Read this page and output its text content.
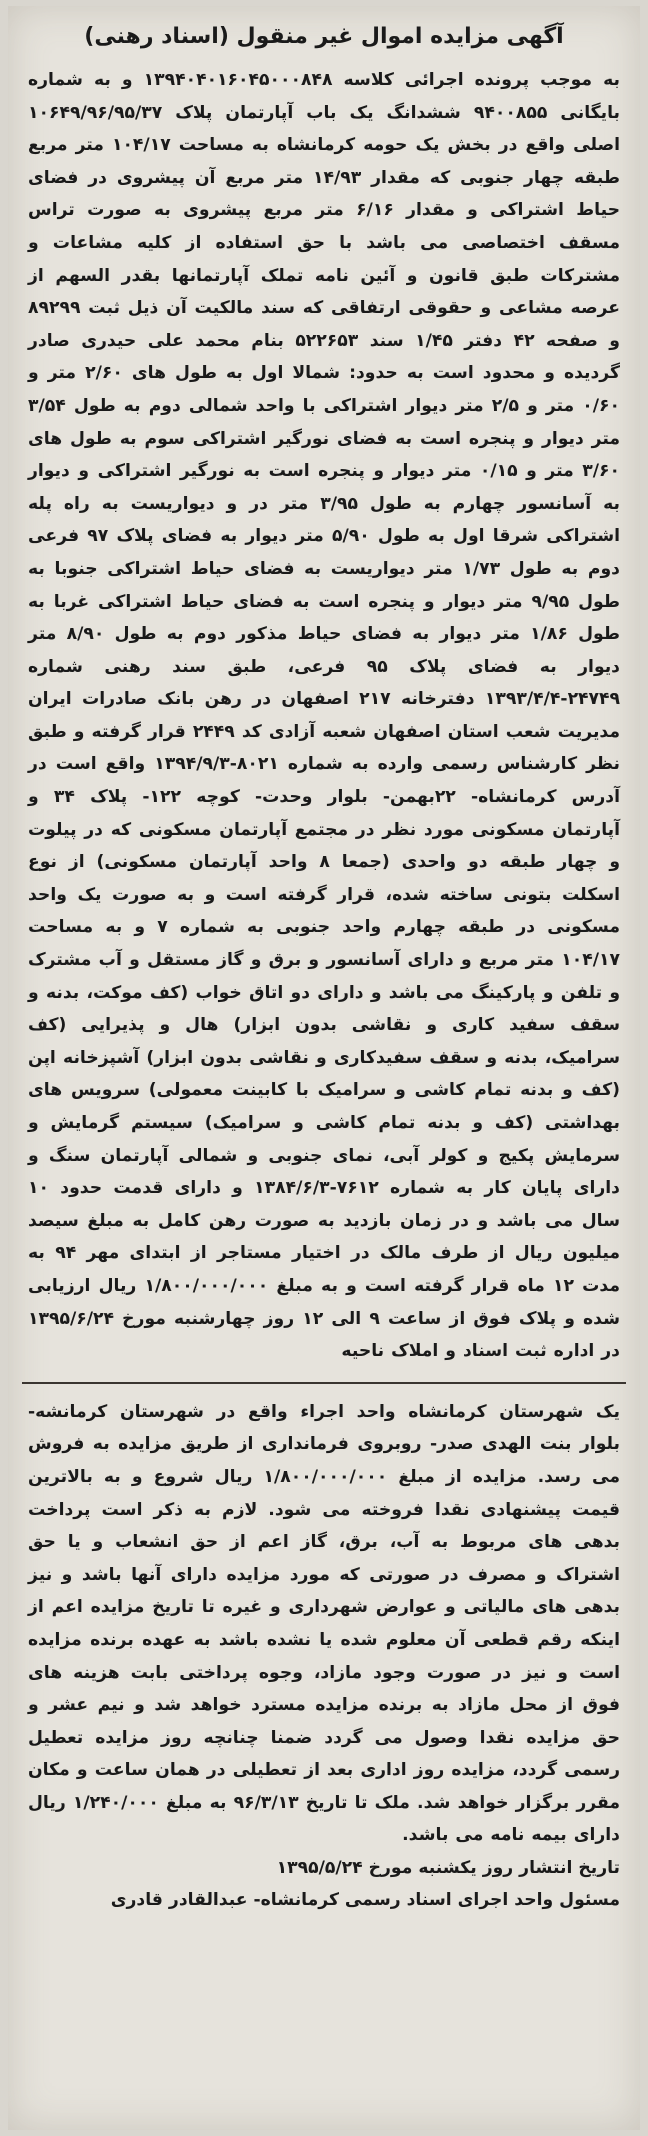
آگهی مزایده اموال غیر منقول (اسناد رهنی)
به موجب پرونده اجرائی کلاسه ۱۳۹۴۰۴۰۱۶۰۴۵۰۰۰۸۴۸ و به شماره بایگانی ۹۴۰۰۸۵۵ ششدانگ یک باب آپارتمان پلاک ۱۰۶۴۹/۹۶/۹۵/۳۷ اصلی واقع در بخش یک حومه کرمانشاه به مساحت ۱۰۴/۱۷ متر مربع طبقه چهار جنوبی که مقدار ۱۴/۹۳ متر مربع آن پیشروی در فضای حیاط اشتراکی و مقدار ۶/۱۶ متر مربع پیشروی به صورت تراس مسقف اختصاصی می باشد با حق استفاده از کلیه مشاعات و مشترکات طبق قانون و آئین نامه تملک آپارتمانها بقدر السهم از عرصه مشاعی و حقوقی ارتفاقی که سند مالکیت آن ذیل ثبت ۸۹۲۹۹ و صفحه ۴۲ دفتر ۱/۴۵ سند ۵۲۲۶۵۳ بنام محمد علی حیدری صادر گردیده و محدود است به حدود: شمالا اول به طول های ۲/۶۰ متر و ۰/۶۰ متر و ۲/۵ متر دیوار اشتراکی با واحد شمالی دوم به طول ۳/۵۴ متر دیوار و پنجره است به فضای نورگیر اشتراکی سوم به طول های ۳/۶۰ متر و ۰/۱۵ متر دیوار و پنجره است به نورگیر اشتراکی و دیوار به آسانسور چهارم به طول ۳/۹۵ متر در و دیواریست به راه پله اشتراکی شرقا اول به طول ۵/۹۰ متر دیوار به فضای پلاک ۹۷ فرعی دوم به طول ۱/۷۳ متر دیواریست به فضای حیاط اشتراکی جنوبا به طول ۹/۹۵ متر دیوار و پنجره است به فضای حیاط اشتراکی غربا به طول ۱/۸۶ متر دیوار به فضای حیاط مذکور دوم به طول ۸/۹۰ متر دیوار به فضای پلاک ۹۵ فرعی، طبق سند رهنی شماره ۲۴۷۴۹-۱۳۹۳/۴/۴ دفترخانه ۲۱۷ اصفهان در رهن بانک صادرات ایران مدیریت شعب استان اصفهان شعبه آزادی کد ۲۴۴۹ قرار گرفته و طبق نظر کارشناس رسمی وارده به شماره ۸۰۲۱-۱۳۹۴/۹/۳ واقع است در آدرس کرمانشاه- ۲۲بهمن- بلوار وحدت- کوچه ۱۲۲- پلاک ۳۴ و آپارتمان مسکونی مورد نظر در مجتمع آپارتمان مسکونی که در پیلوت و چهار طبقه دو واحدی (جمعا ۸ واحد آپارتمان مسکونی) از نوع اسکلت بتونی ساخته شده، قرار گرفته است و به صورت یک واحد مسکونی در طبقه چهارم واحد جنوبی به شماره ۷ و به مساحت ۱۰۴/۱۷ متر مربع و دارای آسانسور و برق و گاز مستقل و آب مشترک و تلفن و پارکینگ می باشد و دارای دو اتاق خواب (کف موکت، بدنه و سقف سفید کاری و نقاشی بدون ابزار) هال و پذیرایی (کف سرامیک، بدنه و سقف سفیدکاری و نقاشی بدون ابزار) آشپزخانه اپن (کف و بدنه تمام کاشی و سرامیک با کابینت معمولی) سرویس های بهداشتی (کف و بدنه تمام کاشی و سرامیک) سیستم گرمایش و سرمایش پکیج و کولر آبی، نمای جنوبی و شمالی آپارتمان سنگ و دارای پایان کار به شماره ۷۶۱۲-۱۳۸۴/۶/۳ و دارای قدمت حدود ۱۰ سال می باشد و در زمان بازدید به صورت رهن کامل به مبلغ سیصد میلیون ریال از طرف مالک در اختیار مستاجر از ابتدای مهر ۹۴ به مدت ۱۲ ماه قرار گرفته است و به مبلغ ۱/۸۰۰/۰۰۰/۰۰۰ ریال ارزیابی شده و پلاک فوق از ساعت ۹ الی ۱۲ روز چهارشنبه مورخ ۱۳۹۵/۶/۲۴ در اداره ثبت اسناد و املاک ناحیه
یک شهرستان کرمانشاه واحد اجراء واقع در شهرستان کرمانشه- بلوار بنت الهدی صدر- روبروی فرمانداری از طریق مزایده به فروش می رسد. مزایده از مبلغ ۱/۸۰۰/۰۰۰/۰۰۰ ریال شروع و به بالاترین قیمت پیشنهادی نقدا فروخته می شود. لازم به ذکر است پرداخت بدهی های مربوط به آب، برق، گاز اعم از حق انشعاب و یا حق اشتراک و مصرف در صورتی که مورد مزایده دارای آنها باشد و نیز بدهی های مالیاتی و عوارض شهرداری و غیره تا تاریخ مزایده اعم از اینکه رقم قطعی آن معلوم شده یا نشده باشد به عهده برنده مزایده است و نیز در صورت وجود مازاد، وجوه پرداختی بابت هزینه های فوق از محل مازاد به برنده مزایده مسترد خواهد شد و نیم عشر و حق مزایده نقدا وصول می گردد ضمنا چنانچه روز مزایده تعطیل رسمی گردد، مزایده روز اداری بعد از تعطیلی در همان ساعت و مکان مقرر برگزار خواهد شد. ملک تا تاریخ ۹۶/۳/۱۳ به مبلغ ۱/۲۴۰/۰۰۰ ریال دارای بیمه نامه می باشد.
تاریخ انتشار روز یکشنبه مورخ ۱۳۹۵/۵/۲۴
مسئول واحد اجرای اسناد رسمی کرمانشاه- عبدالقادر قادری
